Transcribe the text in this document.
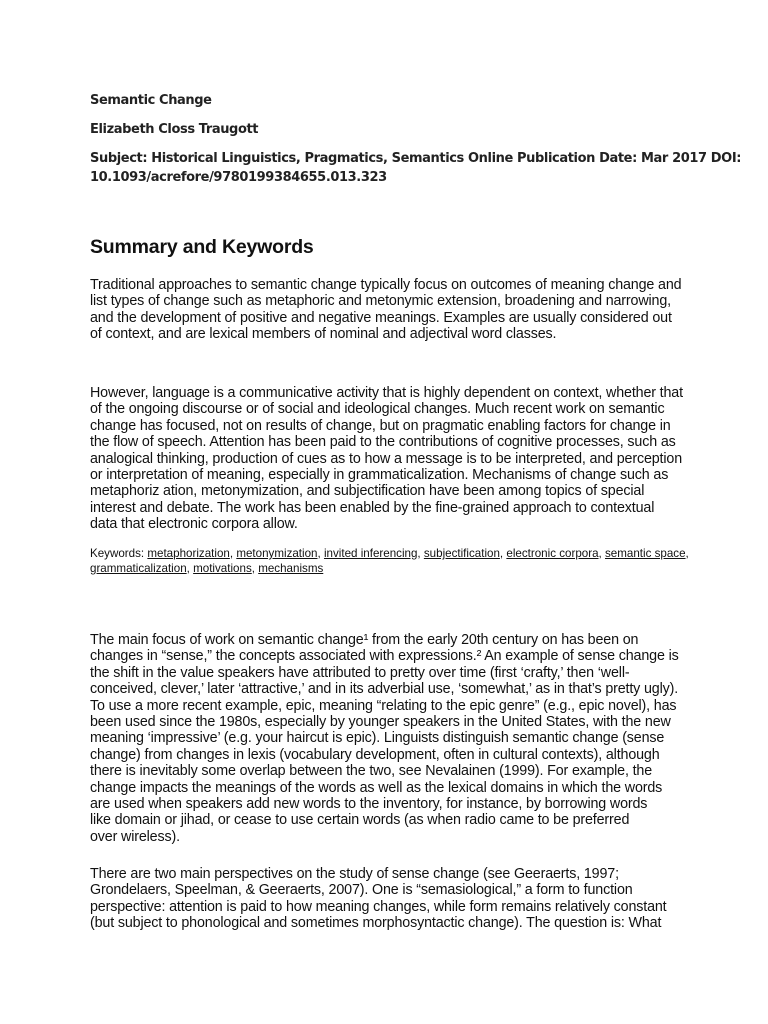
Semantic Change
Elizabeth Closs Traugott
Subject: Historical Linguistics, Pragmatics, Semantics Online Publication Date: Mar 2017 DOI:
10.1093/acrefore/9780199384655.013.323
Summary and Keywords
Traditional approaches to semantic change typically focus on outcomes of meaning change and
list types of change such as metaphoric and metonymic extension, broadening and narrowing,
and the development of positive and negative meanings. Examples are usually considered out
of context, and are lexical members of nominal and adjectival word classes.
However, language is a communicative activity that is highly dependent on context, whether that
of the ongoing discourse or of social and ideological changes. Much recent work on semantic
change has focused, not on results of change, but on pragmatic enabling factors for change in
the flow of speech. Attention has been paid to the contributions of cognitive processes, such as
analogical thinking, production of cues as to how a message is to be interpreted, and perception
or interpretation of meaning, especially in grammaticalization. Mechanisms of change such as
metaphoriz ation, metonymization, and subjectification have been among topics of special
interest and debate. The work has been enabled by the fine-grained approach to contextual
data that electronic corpora allow.
Keywords: metaphorization, metonymization, invited inferencing, subjectification, electronic corpora, semantic space, grammaticalization, motivations, mechanisms
The main focus of work on semantic change¹ from the early 20th century on has been on
changes in “sense,” the concepts associated with expressions.² An example of sense change is
the shift in the value speakers have attributed to pretty over time (first ‘crafty,’ then ‘well-
conceived, clever,’ later ‘attractive,’ and in its adverbial use, ‘somewhat,’ as in that’s pretty ugly).
To use a more recent example, epic, meaning “relating to the epic genre” (e.g., epic novel), has
been used since the 1980s, especially by younger speakers in the United States, with the new
meaning ‘impressive’ (e.g. your haircut is epic). Linguists distinguish semantic change (sense
change) from changes in lexis (vocabulary development, often in cultural contexts), although
there is inevitably some overlap between the two, see Nevalainen (1999). For example, the
change impacts the meanings of the words as well as the lexical domains in which the words
are used when speakers add new words to the inventory, for instance, by borrowing words
like domain or jihad, or cease to use certain words (as when radio came to be preferred
over wireless).
There are two main perspectives on the study of sense change (see Geeraerts, 1997;
Grondelaers, Speelman, & Geeraerts, 2007). One is “semasiological,” a form to function
perspective: attention is paid to how meaning changes, while form remains relatively constant
(but subject to phonological and sometimes morphosyntactic change). The question is: What
